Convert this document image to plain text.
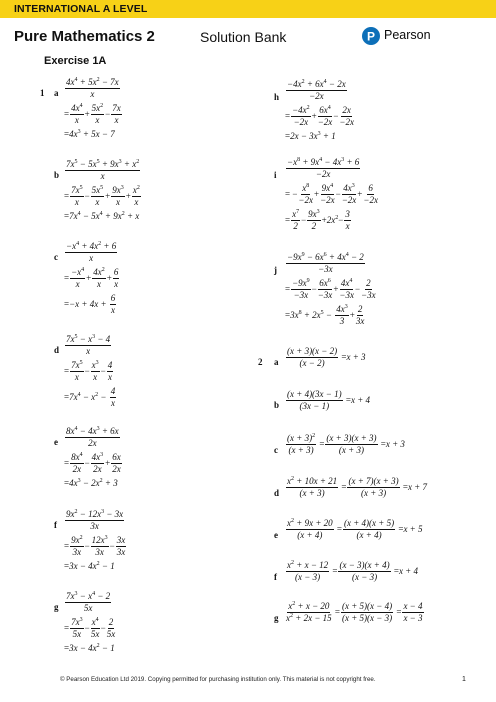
INTERNATIONAL A LEVEL
Pure Mathematics 2	Solution Bank	P Pearson
Exercise 1A
1 a $\frac{4x^4 + 5x^2 - 7x}{x}$
= $\frac{4x^4}{x} + \frac{5x^2}{x} - \frac{7x}{x}$
= $4x^3 + 5x - 7$
b $\frac{7x^5 - 5x^5 + 9x^3 + x^2}{x}$
= $\frac{7x^5}{x} - \frac{5x^5}{x} + \frac{9x^3}{x} + \frac{x^2}{x}$
= $7x^4 - 5x^4 + 9x^2 + x$
c $\frac{-x^4 + 4x^2 + 6}{x}$
= $\frac{-x^4}{x} + \frac{4x^2}{x} + \frac{6}{x}$
= −x + 4x +
$\frac{6}{x}$
d $\frac{7x^5 - x^3 - 4}{x}$
= $\frac{7x^5}{x} - \frac{x^3}{x} - \frac{4}{x}$
= $7x^4 - x^2$ −
$\frac{4}{x}$
e $\frac{8x^4 - 4x^3 + 6x}{2x}$
= $\frac{8x^4}{2x} - \frac{4x^3}{2x} + \frac{6x}{2x}$
= $4x^3 - 2x^2 + 3$
f $\frac{9x^2 - 12x^3 - 3x}{3x}$
= $\frac{9x^2}{3x} - \frac{12x^3}{3x} - \frac{3x}{3x}$
= $3x - 4x^2 - 1$
g $\frac{7x^3 - x^4 - 2}{5x}$
= $\frac{7x^3}{5x} - \frac{x^4}{5x} - \frac{2}{5x}$
= $3x - 4x^2 - 1$
h $\frac{-4x^2 + 6x^4 - 2x}{-2x}$
= $\frac{-4x^2}{-2x} + \frac{6x^4}{-2x} - \frac{2x}{-2x}$
= $2x - 3x^3 + 1$
i $\frac{-x^8 + 9x^4 - 4x^3 + 6}{-2x}$
= − $\frac{x^8}{-2x} + \frac{9x^4}{-2x} - \frac{4x^3}{-2x} + \frac{6}{-2x}$
= $\frac{x^7}{2} - \frac{9x^3}{2} + 2x^2 - \frac{3}{x}$
j $\frac{-9x^9 - 6x^6 + 4x^4 - 2}{-3x}$
= $\frac{-9x^9}{-3x} - \frac{6x^6}{-3x} + \frac{4x^4}{-3x} - \frac{2}{-3x}$
= $3x^8 + 2x^5$ −
$\frac{4x^3}{3} + \frac{2}{3x}$
2 a $\frac{(x + 3)(x - 2)}{(x - 2)} = x + 3$
b $\frac{(x + 4)(3x - 1)}{(3x - 1)} = x + 4$
c $\frac{(x + 3)^2}{(x + 3)} = \frac{(x + 3)(x + 3)}{(x + 3)} = x + 3$
d $\frac{x^2 + 10x + 21}{(x + 3)} = \frac{(x + 7)(x + 3)}{(x + 3)} = x + 7$
e $\frac{x^2 + 9x + 20}{(x + 4)} = \frac{(x + 4)(x + 5)}{(x + 4)} = x + 5$
f $\frac{x^2 + x - 12}{(x - 3)} = \frac{(x - 3)(x + 4)}{(x - 3)} = x + 4$
g $\frac{x^2 + x - 20}{x^2 + 2x - 15} = \frac{(x + 5)(x - 4)}{(x + 5)(x - 3)} = \frac{x - 4}{x - 3}$
© Pearson Education Ltd 2019. Copying permitted for purchasing institution only. This material is not copyright free.	1
